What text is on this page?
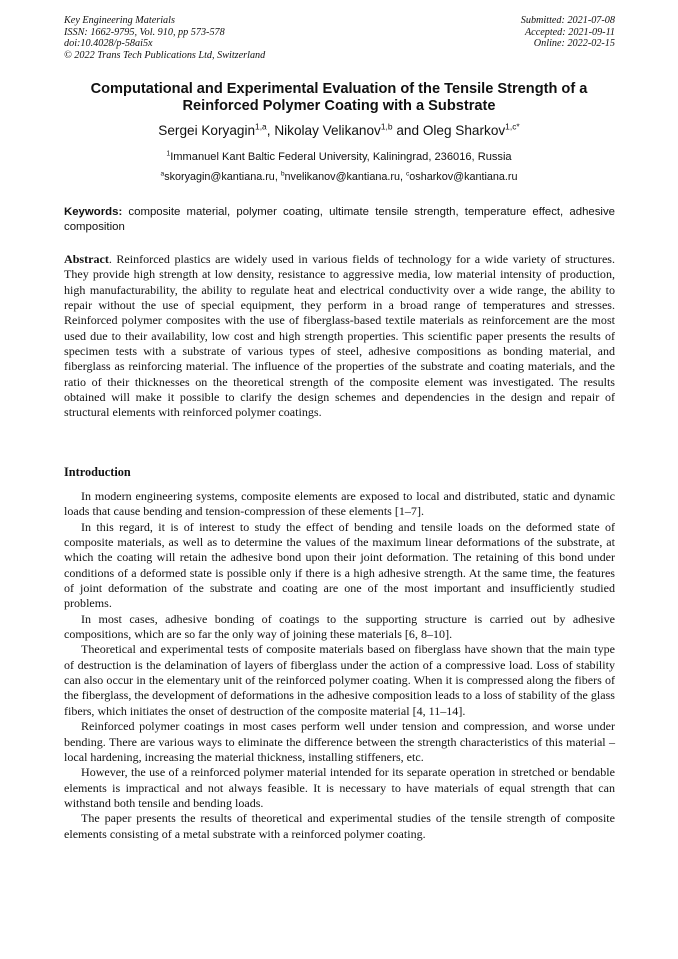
Key Engineering Materials
ISSN: 1662-9795, Vol. 910, pp 573-578
doi:10.4028/p-58ai5x
© 2022 Trans Tech Publications Ltd, Switzerland
Submitted: 2021-07-08
Accepted: 2021-09-11
Online: 2022-02-15
Computational and Experimental Evaluation of the Tensile Strength of a
Reinforced Polymer Coating with a Substrate
Sergei Koryagin$^{1,a}$, Nikolay Velikanov$^{1,b}$ and Oleg Sharkov$^{1,c*}$
$^1$Immanuel Kant Baltic Federal University, Kaliningrad, 236016, Russia
$^a$skoryagin@kantiana.ru, $^b$nvelikanov@kantiana.ru, $^c$osharkov@kantiana.ru
Keywords: composite material, polymer coating, ultimate tensile strength, temperature effect, adhesive composition
Abstract. Reinforced plastics are widely used in various fields of technology for a wide variety of structures. They provide high strength at low density, resistance to aggressive media, low material intensity of production, high manufacturability, the ability to regulate heat and electrical conductivity over a wide range, the ability to repair without the use of special equipment, they perform in a broad range of temperatures and stresses. Reinforced polymer composites with the use of fiberglass-based textile materials as reinforcement are the most used due to their availability, low cost and high strength properties. This scientific paper presents the results of specimen tests with a substrate of various types of steel, adhesive compositions as bonding material, and fiberglass as reinforcing material. The influence of the properties of the substrate and coating materials, and the ratio of their thicknesses on the theoretical strength of the composite element was investigated. The results obtained will make it possible to clarify the design schemes and dependencies in the design and repair of structural elements with reinforced polymer coatings.
Introduction

In modern engineering systems, composite elements are exposed to local and distributed, static and dynamic loads that cause bending and tension-compression of these elements [1–7].

In this regard, it is of interest to study the effect of bending and tensile loads on the deformed state of composite materials, as well as to determine the values of the maximum linear deformations of the substrate, at which the coating will retain the adhesive bond upon their joint deformation. The retaining of this bond under conditions of a deformed state is possible only if there is a high adhesive strength. At the same time, the features of joint deformation of the substrate and coating are one of the most important and insufficiently studied problems.

In most cases, adhesive bonding of coatings to the supporting structure is carried out by adhesive compositions, which are so far the only way of joining these materials [6, 8–10].

Theoretical and experimental tests of composite materials based on fiberglass have shown that the main type of destruction is the delamination of layers of fiberglass under the action of a compressive load. Loss of stability can also occur in the elementary unit of the reinforced polymer coating. When it is compressed along the fibers of the fiberglass, the development of deformations in the adhesive composition leads to a loss of stability of the glass fibers, which initiates the onset of destruction of the composite material [4, 11–14].

Reinforced polymer coatings in most cases perform well under tension and compression, and worse under bending. There are various ways to eliminate the difference between the strength characteristics of this material – local hardening, increasing the material thickness, installing stiffeners, etc.

However, the use of a reinforced polymer material intended for its separate operation in stretched or bendable elements is impractical and not always feasible. It is necessary to have materials of equal strength that can withstand both tensile and bending loads.

The paper presents the results of theoretical and experimental studies of the tensile strength of composite elements consisting of a metal substrate with a reinforced polymer coating.
